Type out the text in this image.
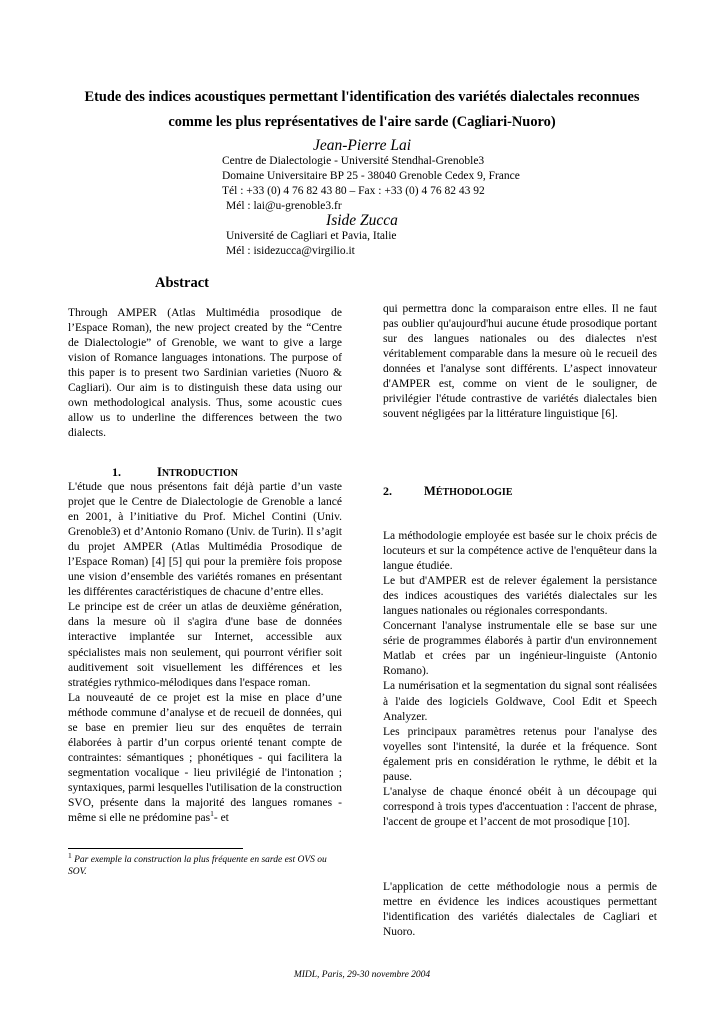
Etude des indices acoustiques permettant l'identification des variétés dialectales reconnues
comme les plus représentatives de l'aire sarde (Cagliari-Nuoro)
Jean-Pierre Lai
Centre de Dialectologie - Université Stendhal-Grenoble3
Domaine Universitaire BP 25 - 38040 Grenoble Cedex 9, France
Tél : +33 (0) 4 76 82 43 80 – Fax : +33 (0) 4 76 82 43 92
Mél : lai@u-grenoble3.fr
Iside Zucca
Université de Cagliari et Pavia, Italie
Mél : isidezucca@virgilio.it
Abstract

Through AMPER (Atlas Multimédia prosodique de l’Espace Roman), the new project created by the “Centre de Dialectologie” of Grenoble, we want to give a large vision of Romance languages intonations. The purpose of this paper is to present two Sardinian varieties (Nuoro & Cagliari). Our aim is to distinguish these data using our own methodological analysis. Thus, some acoustic cues allow us to underline the differences between the two dialects.

qui permettra donc la comparaison entre elles. Il ne faut pas oublier qu'aujourd'hui aucune étude prosodique portant sur des langues nationales ou des dialectes n'est véritablement comparable dans la mesure où le recueil des données et l'analyse sont différents. L’aspect innovateur d'AMPER est, comme on vient de le souligner, de privilégier l'étude contrastive de variétés dialectales bien souvent négligées par la littérature linguistique [6].

1.	INTRODUCTION

L'étude que nous présentons fait déjà partie d’un vaste projet que le Centre de Dialectologie de Grenoble a lancé en 2001, à l’initiative du Prof. Michel Contini (Univ. Grenoble3) et d’Antonio Romano (Univ. de Turin). Il s’agit du projet AMPER (Atlas Multimédia Prosodique de l’Espace Roman) [4] [5] qui pour la première fois propose une vision d’ensemble des variétés romanes en présentant les différentes caractéristiques de chacune d’entre elles.

Le principe est de créer un atlas de deuxième génération, dans la mesure où il s'agira d'une base de données interactive implantée sur Internet, accessible aux spécialistes mais non seulement, qui pourront vérifier soit auditivement soit visuellement les différences et les stratégies rythmico-mélodiques dans l'espace roman.

La nouveauté de ce projet est la mise en place d’une méthode commune d’analyse et de recueil de données, qui se base en premier lieu sur des enquêtes de terrain élaborées à partir d’un corpus orienté tenant compte de contraintes: sémantiques ; phonétiques - qui facilitera la segmentation vocalique - lieu privilégié de l'intonation ; syntaxiques, parmi lesquelles l'utilisation de la construction SVO, présente dans la majorité des langues romanes - même si elle ne prédomine pas$^1$- et

2.	MÉTHODOLOGIE

La méthodologie employée est basée sur le choix précis de locuteurs et sur la compétence active de l'enquêteur dans la langue étudiée.

Le but d'AMPER est de relever également la persistance des indices acoustiques des variétés dialectales sur les langues nationales ou régionales correspondants.

Concernant l'analyse instrumentale elle se base sur une série de programmes élaborés à partir d'un environnement Matlab et crées par un ingénieur-linguiste (Antonio Romano).

La numérisation et la segmentation du signal sont réalisées à l'aide des logiciels Goldwave, Cool Edit et Speech Analyzer.

Les principaux paramètres retenus pour l'analyse des voyelles sont l'intensité, la durée et la fréquence. Sont également pris en considération le rythme, le débit et la pause.

L'analyse de chaque énoncé obéit à un découpage qui correspond à trois types d'accentuation : l'accent de phrase, l'accent de groupe et l’accent de mot prosodique [10].

L'application de cette méthodologie nous a permis de mettre en évidence les indices acoustiques permettant l'identification des variétés dialectales de Cagliari et Nuoro.

$^1$ Par exemple la construction la plus fréquente en sarde est OVS ou SOV.
MIDL, Paris, 29-30 novembre 2004
